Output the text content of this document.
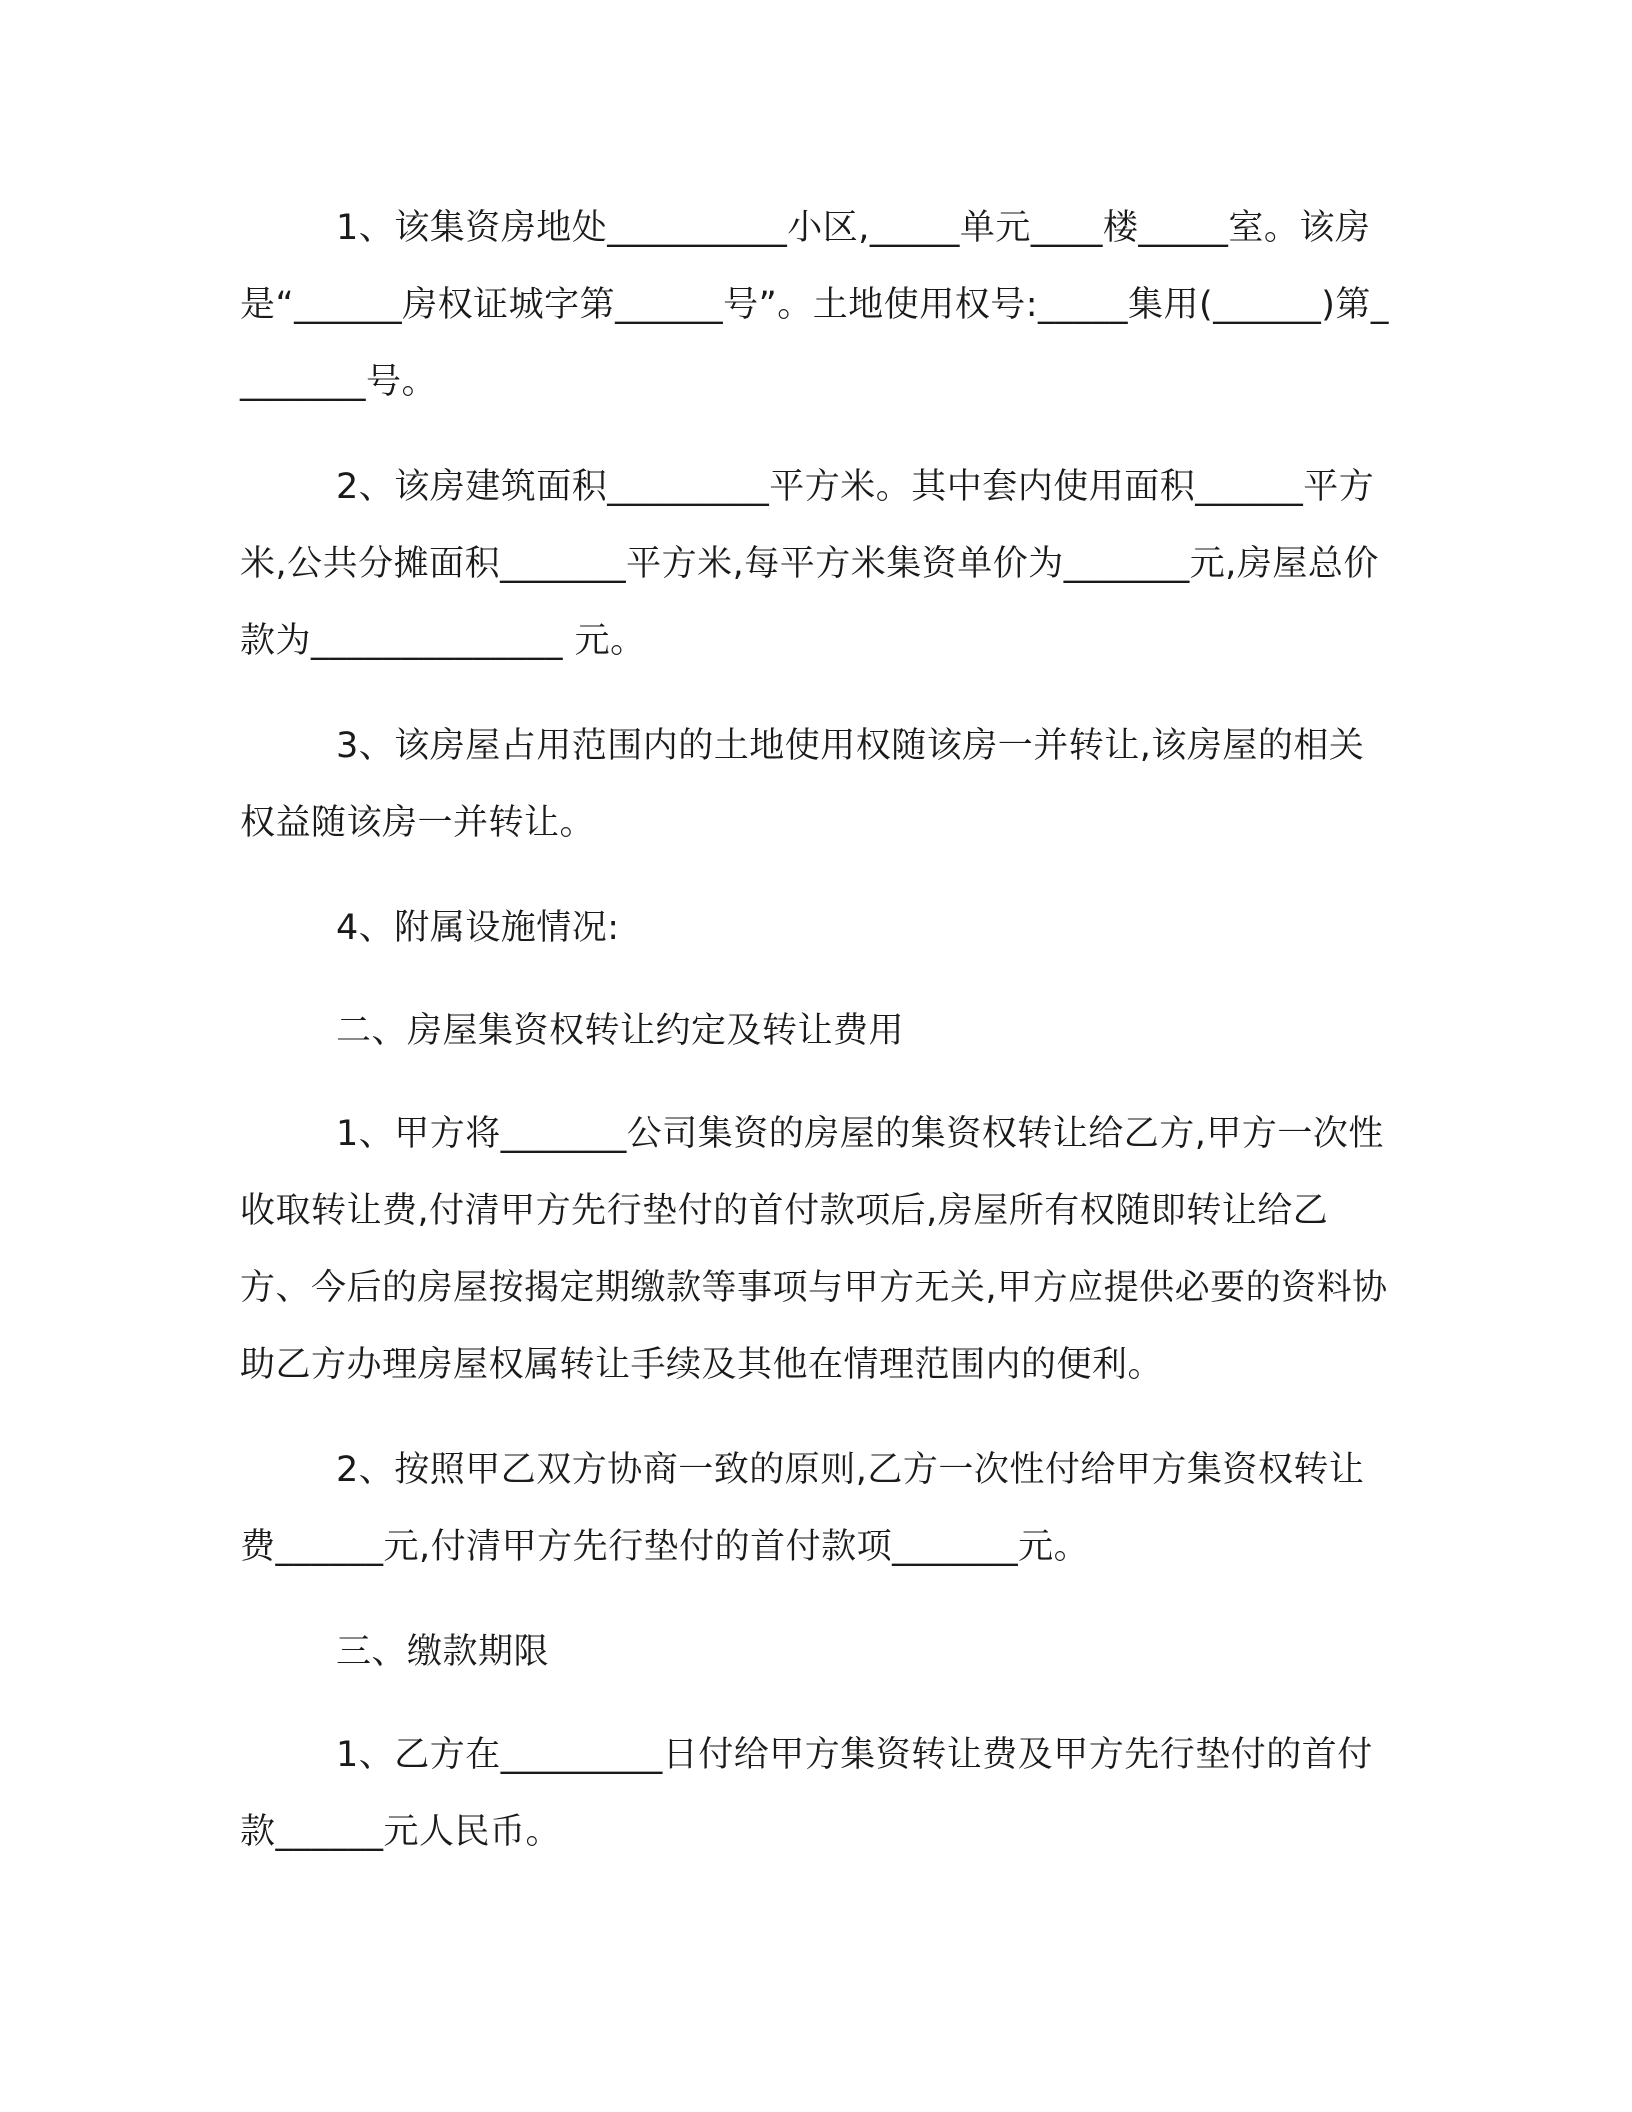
1、该集资房地处__________小区,_____单元____楼_____室。该房是“______房权证城字第______号”。土地使用权号:_____集用(______)第________号。

2、该房建筑面积_________平方米。其中套内使用面积______平方米,公共分摊面积_______平方米,每平方米集资单价为_______元,房屋总价款为______________ 元。

3、该房屋占用范围内的土地使用权随该房一并转让,该房屋的相关权益随该房一并转让。

4、附属设施情况:

二、房屋集资权转让约定及转让费用

1、甲方将_______公司集资的房屋的集资权转让给乙方,甲方一次性收取转让费,付清甲方先行垫付的首付款项后,房屋所有权随即转让给乙方、今后的房屋按揭定期缴款等事项与甲方无关,甲方应提供必要的资料协助乙方办理房屋权属转让手续及其他在情理范围内的便利。

2、按照甲乙双方协商一致的原则,乙方一次性付给甲方集资权转让费______元,付清甲方先行垫付的首付款项_______元。

三、缴款期限

1、乙方在_________日付给甲方集资转让费及甲方先行垫付的首付款______元人民币。
